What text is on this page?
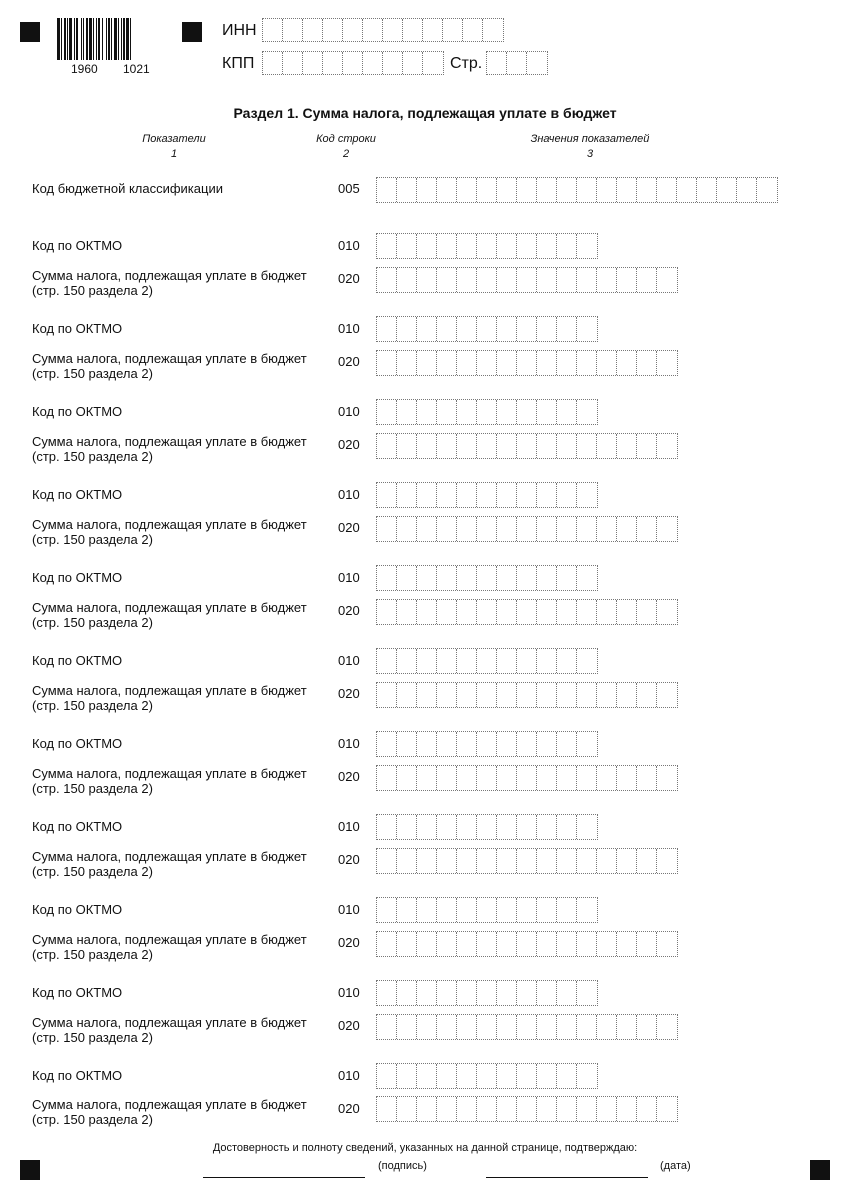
1960 1021
ИНН
КПП	Стр.
Раздел 1. Сумма налога, подлежащая уплате в бюджет
Показатели
1
Код строки
2
Значения показателей
3
Код бюджетной классификации	005
Код по ОКТМО	010
Сумма налога, подлежащая уплате в бюджет
(стр. 150 раздела 2)
020
Код по ОКТМО	010
Сумма налога, подлежащая уплате в бюджет
(стр. 150 раздела 2)
020
Код по ОКТМО	010
Сумма налога, подлежащая уплате в бюджет
(стр. 150 раздела 2)
020
Код по ОКТМО	010
Сумма налога, подлежащая уплате в бюджет
(стр. 150 раздела 2)
020
Код по ОКТМО	010
Сумма налога, подлежащая уплате в бюджет
(стр. 150 раздела 2)
020
Код по ОКТМО	010
Сумма налога, подлежащая уплате в бюджет
(стр. 150 раздела 2)
020
Код по ОКТМО	010
Сумма налога, подлежащая уплате в бюджет
(стр. 150 раздела 2)
020
Код по ОКТМО	010
Сумма налога, подлежащая уплате в бюджет
(стр. 150 раздела 2)
020
Код по ОКТМО	010
Сумма налога, подлежащая уплате в бюджет
(стр. 150 раздела 2)
020
Код по ОКТМО	010
Сумма налога, подлежащая уплате в бюджет
(стр. 150 раздела 2)
020
Код по ОКТМО	010
Сумма налога, подлежащая уплате в бюджет
(стр. 150 раздела 2)
020
Достоверность и полноту сведений, указанных на данной странице, подтверждаю:
(подпись)	(дата)
